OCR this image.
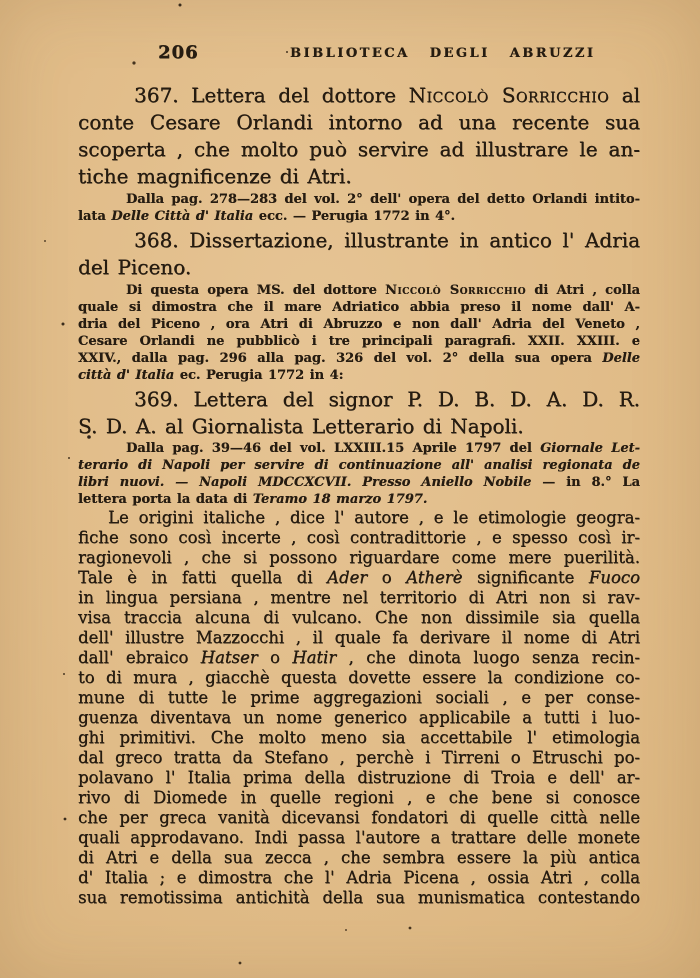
206	BIBLIOTECA DEGLI ABRUZZI
367. Lettera del dottore Niccolò Sorricchio al
conte Cesare Orlandi intorno ad una recente sua
scoperta , che molto può servire ad illustrare le an-
tiche magnificenze di Atri.
Dalla pag. 278—283 del vol. 2° dell' opera del detto Orlandi intito-
lata Delle Città d' Italia ecc. — Perugia 1772 in 4°.
368. Dissertazione, illustrante in antico l' Adria
del Piceno.
Di questa opera MS. del dottore Niccolò Sorricchio di Atri , colla
quale si dimostra che il mare Adriatico abbia preso il nome dall' A-
dria del Piceno , ora Atri di Abruzzo e non dall' Adria del Veneto ,
Cesare Orlandi ne pubblicò i tre principali paragrafi. XXII. XXIII. e
XXIV., dalla pag. 296 alla pag. 326 del vol. 2° della sua opera Delle
città d' Italia ec. Perugia 1772 in 4:
369. Lettera del signor P. D. B. D. A. D. R.
S. D. A. al Giornalista Letterario di Napoli.
Dalla pag. 39—46 del vol. LXXIII.15 Aprile 1797 del Giornale Let-
terario di Napoli per servire di continuazione all' analisi regionata de
libri nuovi. — Napoli MDCCXCVII. Presso Aniello Nobile — in 8.° La
lettera porta la data di Teramo 18 marzo 1797.
Le origini italiche , dice l' autore , e le etimologie geogra-
fiche sono così incerte , così contradittorie , e spesso così ir-
ragionevoli , che si possono riguardare come mere puerilità.
Tale è in fatti quella di Ader o Atherè significante Fuoco
in lingua persiana , mentre nel territorio di Atri non si rav-
visa traccia alcuna di vulcano. Che non dissimile sia quella
dell' illustre Mazzocchi , il quale fa derivare il nome di Atri
dall' ebraico Hatser o Hatir , che dinota luogo senza recin-
to di mura , giacchè questa dovette essere la condizione co-
mune di tutte le prime aggregazioni sociali , e per conse-
guenza diventava un nome generico applicabile a tutti i luo-
ghi primitivi. Che molto meno sia accettabile l' etimologia
dal greco tratta da Stefano , perchè i Tirreni o Etruschi po-
polavano l' Italia prima della distruzione di Troia e dell' ar-
rivo di Diomede in quelle regioni , e che bene si conosce
che per greca vanità dicevansi fondatori di quelle città nelle
quali approdavano. Indi passa l'autore a trattare delle monete
di Atri e della sua zecca , che sembra essere la più antica
d' Italia ; e dimostra che l' Adria Picena , ossia Atri , colla
sua remotissima antichità della sua munismatica contestando
